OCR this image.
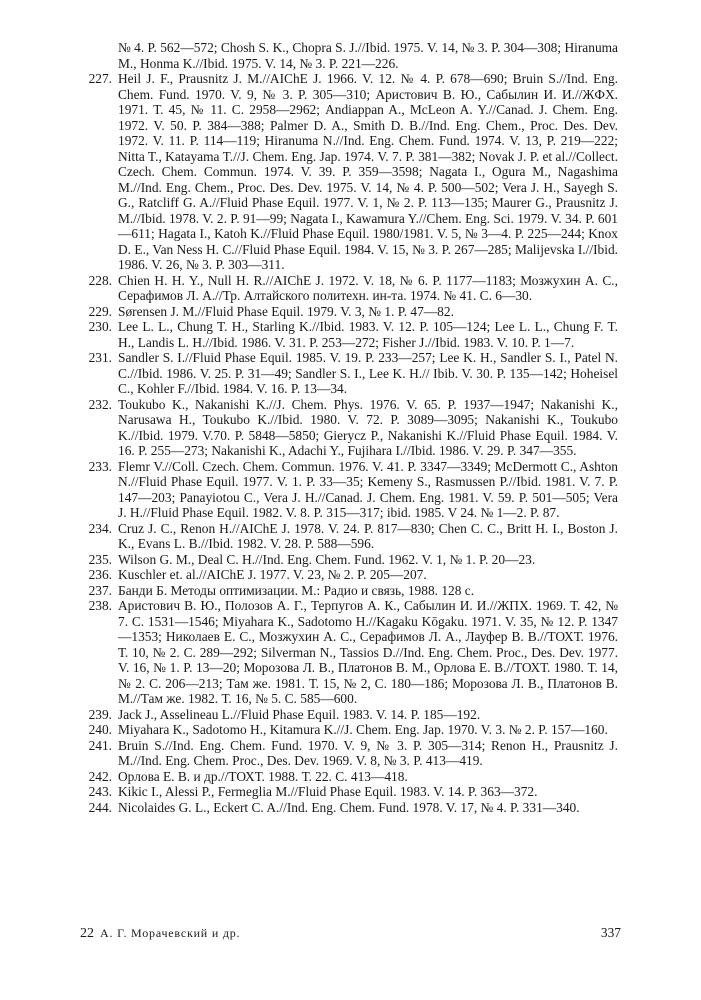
№ 4. P. 562—572; Chosh S. K., Chopra S. J.//Ibid. 1975. V. 14, № 3. P. 304—308; Hiranuma M., Honma K.//Ibid. 1975. V. 14, № 3. P. 221—226.
227. Heil J. F., Prausnitz J. M.//AIChE J. 1966. V. 12. № 4. P. 678—690; Bruin S.//Ind. Eng. Chem. Fund. 1970. V. 9, № 3. P. 305—310; Аристович В. Ю., Сабылин И. И.//ЖФХ. 1971. Т. 45, № 11. С. 2958—2962; Andiappan A., McLeon A. Y.//Canad. J. Chem. Eng. 1972. V. 50. P. 384—388; Palmer D. A., Smith D. B.//Ind. Eng. Chem., Proc. Des. Dev. 1972. V. 11. P. 114—119; Hiranuma N.//Ind. Eng. Chem. Fund. 1974. V. 13, P. 219—222; Nitta T., Katayama T.//J. Chem. Eng. Jap. 1974. V. 7. P. 381—382; Novak J. P. et al.//Collect. Czech. Chem. Commun. 1974. V. 39. P. 359—3598; Nagata I., Ogura M., Nagashima M.//Ind. Eng. Chem., Proc. Des. Dev. 1975. V. 14, № 4. P. 500—502; Vera J. H., Sayegh S. G., Ratcliff G. A.//Fluid Phase Equil. 1977. V. 1, № 2. P. 113—135; Maurer G., Prausnitz J. M.//Ibid. 1978. V. 2. P. 91—99; Nagata I., Kawamura Y.//Chem. Eng. Sci. 1979. V. 34. P. 601—611; Hagata I., Katoh K.//Fluid Phase Equil. 1980/1981. V. 5, № 3—4. P. 225—244; Knox D. E., Van Ness H. C.//Fluid Phase Equil. 1984. V. 15, № 3. P. 267—285; Malijevska I.//Ibid. 1986. V. 26, № 3. P. 303—311.
228. Chien H. H. Y., Null H. R.//AIChE J. 1972. V. 18, № 6. P. 1177—1183; Мозжухин А. С., Серафимов Л. А.//Тр. Алтайского политехн. ин-та. 1974. № 41. С. 6—30.
229. Sørensen J. M.//Fluid Phase Equil. 1979. V. 3, № 1. P. 47—82.
230. Lee L. L., Chung T. H., Starling K.//Ibid. 1983. V. 12. P. 105—124; Lee L. L., Chung F. T. H., Landis L. H.//Ibid. 1986. V. 31. P. 253—272; Fisher J.//Ibid. 1983. V. 10. P. 1—7.
231. Sandler S. I.//Fluid Phase Equil. 1985. V. 19. P. 233—257; Lee K. H., Sandler S. I., Patel N. C.//Ibid. 1986. V. 25. P. 31—49; Sandler S. I., Lee K. H.// Ibib. V. 30. P. 135—142; Hoheisel C., Kohler F.//Ibid. 1984. V. 16. P. 13—34.
232. Toukubo K., Nakanishi K.//J. Chem. Phys. 1976. V. 65. P. 1937—1947; Nakanishi K., Narusawa H., Toukubo K.//Ibid. 1980. V. 72. P. 3089—3095; Nakanishi K., Toukubo K.//Ibid. 1979. V.70. P. 5848—5850; Gierycz P., Nakanishi K.//Fluid Phase Equil. 1984. V. 16. P. 255—273; Nakanishi K., Adachi Y., Fujihara I.//Ibid. 1986. V. 29. P. 347—355.
233. Flemr V.//Coll. Czech. Chem. Commun. 1976. V. 41. P. 3347—3349; McDermott C., Ashton N.//Fluid Phase Equil. 1977. V. 1. P. 33—35; Kemeny S., Rasmussen P.//Ibid. 1981. V. 7. P. 147—203; Panayiotou C., Vera J. H.//Canad. J. Chem. Eng. 1981. V. 59. P. 501—505; Vera J. H.//Fluid Phase Equil. 1982. V. 8. P. 315—317; ibid. 1985. V 24. № 1—2. P. 87.
234. Cruz J. C., Renon H.//AIChE J. 1978. V. 24. P. 817—830; Chen C. C., Britt H. I., Boston J. K., Evans L. B.//Ibid. 1982. V. 28. P. 588—596.
235. Wilson G. M., Deal C. H.//Ind. Eng. Chem. Fund. 1962. V. 1, № 1. P. 20—23.
236. Kuschler et. al.//AIChE J. 1977. V. 23, № 2. P. 205—207.
237. Банди Б. Методы оптимизации. М.: Радио и связь, 1988. 128 с.
238. Аристович В. Ю., Полозов А. Г., Терпугов А. К., Сабылин И. И.//ЖПХ. 1969. Т. 42, № 7. С. 1531—1546; Miyahara K., Sadotomo H.//Kagaku Kōgaku. 1971. V. 35, № 12. P. 1347—1353; Николаев Е. С., Мозжухин А. С., Серафимов Л. А., Лауфер В. В.//ТОХТ. 1976. Т. 10, № 2. С. 289—292; Silverman N., Tassios D.//Ind. Eng. Chem. Proc., Des. Dev. 1977. V. 16, № 1. P. 13—20; Морозова Л. В., Платонов В. М., Орлова Е. В.//ТОХТ. 1980. Т. 14, № 2. С. 206—213; Там же. 1981. Т. 15, № 2, С. 180—186; Морозова Л. В., Платонов В. М.//Там же. 1982. Т. 16, № 5. С. 585—600.
239. Jack J., Asselineau L.//Fluid Phase Equil. 1983. V. 14. P. 185—192.
240. Miyahara K., Sadotomo H., Kitamura K.//J. Chem. Eng. Jap. 1970. V. 3. № 2. P. 157—160.
241. Bruin S.//Ind. Eng. Chem. Fund. 1970. V. 9, № 3. P. 305—314; Renon H., Prausnitz J. M.//Ind. Eng. Chem. Proc., Des. Dev. 1969. V. 8, № 3. P. 413—419.
242. Орлова Е. В. и др.//ТОХТ. 1988. Т. 22. С. 413—418.
243. Kikic I., Alessi P., Fermeglia M.//Fluid Phase Equil. 1983. V. 14. P. 363—372.
244. Nicolaides G. L., Eckert C. A.//Ind. Eng. Chem. Fund. 1978. V. 17, № 4. P. 331—340.
22 А. Г. Морачевский и др.	337
